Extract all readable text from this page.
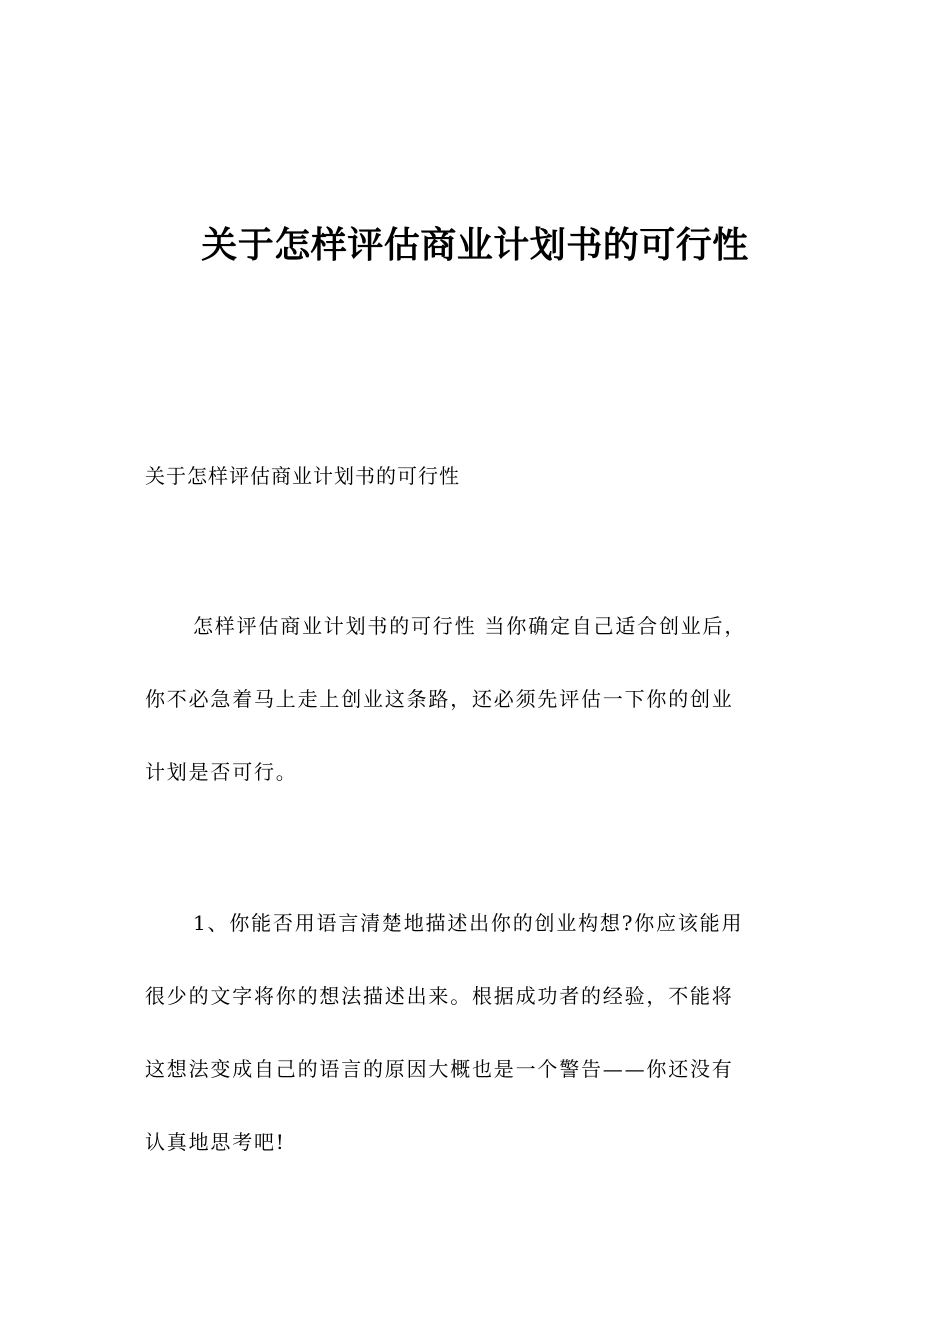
关于怎样评估商业计划书的可行性

关于怎样评估商业计划书的可行性

怎样评估商业计划书的可行性 当你确定自己适合创业后，
你不必急着马上走上创业这条路，还必须先评估一下你的创业
计划是否可行。
1、你能否用语言清楚地描述出你的创业构想?你应该能用
很少的文字将你的想法描述出来。根据成功者的经验，不能将
这想法变成自己的语言的原因大概也是一个警告——你还没有
认真地思考吧!
